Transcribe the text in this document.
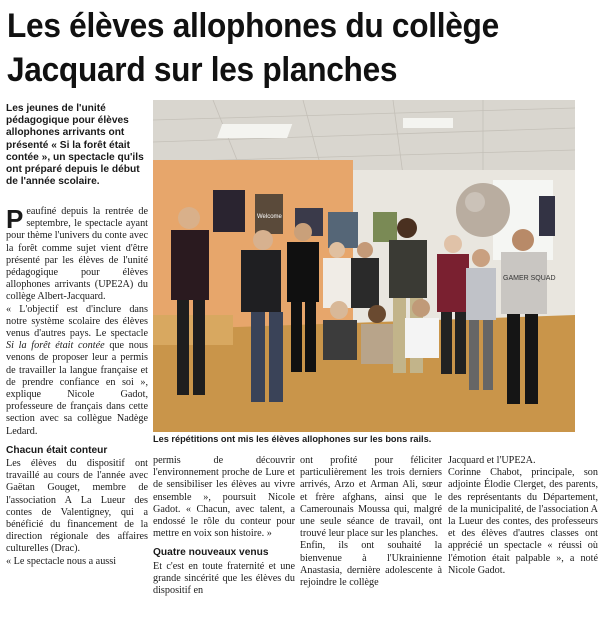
Les élèves allophones du collège
Jacquard sur les planches

Les jeunes de l'unité pédagogique pour élèves allophones arrivants ont présenté « Si la forêt était contée », un spectacle qu'ils ont préparé depuis le début de l'année scolaire.

Peaufiné depuis la rentrée de septembre, le spectacle ayant pour thème l'univers du conte avec la forêt comme sujet vient d'être présenté par les élèves de l'unité pédagogique pour élèves allophones arrivants (UPE2A) du collège Albert-Jacquard.

« L'objectif est d'inclure dans notre système scolaire des élèves venus d'autres pays. Le spectacle Si la forêt était contée que nous venons de proposer leur a permis de travailler la langue française et de prendre confiance en soi », explique Nicole Gadot, professeure de français dans cette section avec sa collègue Nadège Ledard.

Chacun était conteur

Les élèves du dispositif ont travaillé au cours de l'année avec Gaëtan Gouget, membre de l'association A La Lueur des contes de Valentigney, qui a bénéficié du financement de la direction régionale des affaires culturelles (Drac).

« Le spectacle nous a aussi

Welcome
GAMER SQUAD

Les répétitions ont mis les élèves allophones sur les bons rails.

permis de découvrir l'environnement proche de Lure et de sensibiliser les élèves au vivre ensemble », poursuit Nicole Gadot. « Chacun, avec talent, a endossé le rôle du conteur pour mettre en voix son histoire. »

Quatre nouveaux venus

Et c'est en toute fraternité et une grande sincérité que les élèves du dispositif en

ont profité pour féliciter particulièrement les trois derniers arrivés, Arzo et Arman Ali, sœur et frère afghans, ainsi que le Camerounais Moussa qui, malgré une seule séance de travail, ont trouvé leur place sur les planches.

Enfin, ils ont souhaité la bienvenue à l'Ukrainienne Anastasia, dernière adolescente à rejoindre le collège

Jacquard et l'UPE2A.

Corinne Chabot, principale, son adjointe Élodie Clerget, des parents, des représentants du Département, de la municipalité, de l'association A la Lueur des contes, des professeurs et des élèves d'autres classes ont apprécié un spectacle « réussi où l'émotion était palpable », a noté Nicole Gadot.
